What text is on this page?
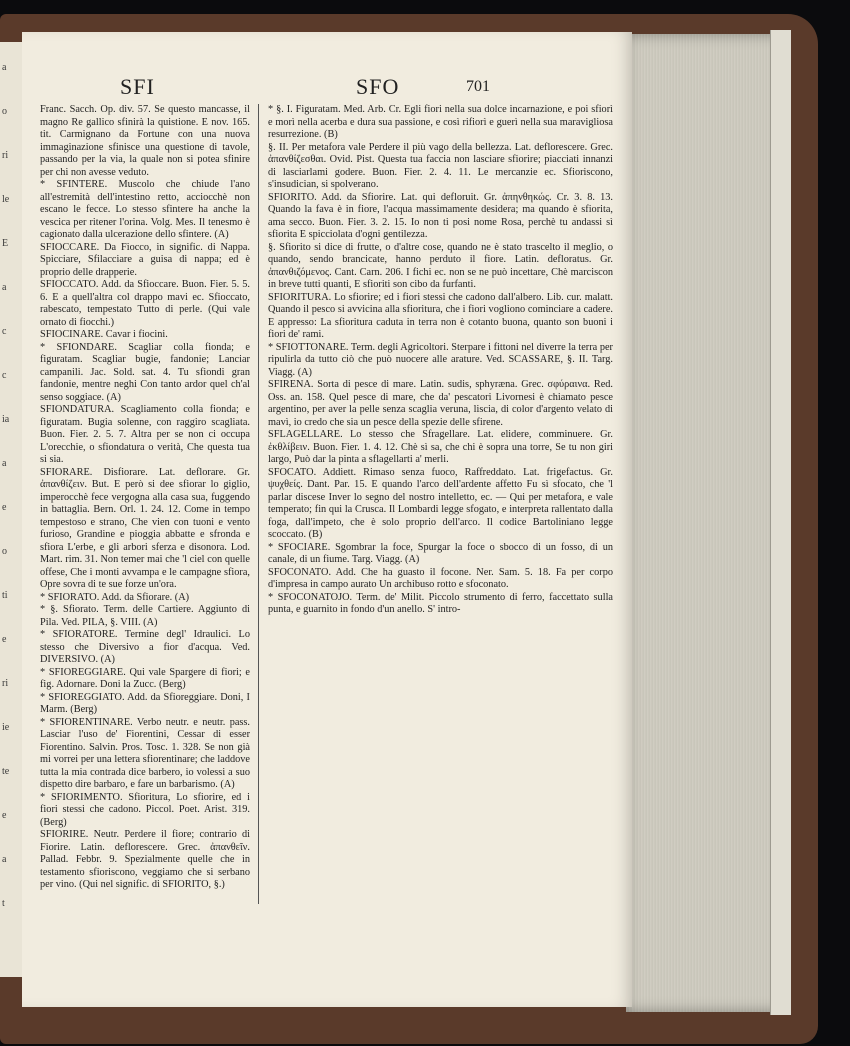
a
o
ri
le
E
a
c
c
ia
a
e
o
ti
e
ri
ie
te
e
a
t
SFI	SFO	701

Franc. Sacch. Op. div. 57. Se questo mancasse, il magno Re gallico sfinirà la quistione. E nov. 165. tit. Carmignano da Fortune con una nuova immaginazione sfinisce una questione di tavole, passando per la via, la quale non si potea sfinire per chi non avesse veduto.

* SFINTERE. Muscolo che chiude l'ano all'estremità dell'intestino retto, acciocchè non escano le fecce. Lo stesso sfintere ha anche la vescica per ritener l'orina. Volg. Mes. Il tenesmo è cagionato dalla ulcerazione dello sfintere. (A)

SFIOCCARE. Da Fiocco, in signific. di Nappa. Spicciare, Sfilacciare a guisa di nappa; ed è proprio delle drapperie.

SFIOCCATO. Add. da Sfioccare. Buon. Fier. 5. 5. 6. E a quell'altra col drappo mavi ec. Sfioccato, rabescato, tempestato Tutto di perle. (Qui vale ornato di fiocchi.)

SFIOCINARE. Cavar i fiocini.

* SFIONDARE. Scagliar colla fionda; e figuratam. Scagliar bugie, fandonie; Lanciar campanili. Jac. Sold. sat. 4. Tu sfiondi gran fandonie, mentre neghi Con tanto ardor quel ch'al senso soggiace. (A)

SFIONDATURA. Scagliamento colla fionda; e figuratam. Bugia solenne, con raggiro scagliata. Buon. Fier. 2. 5. 7. Altra per se non ci occupa L'orecchie, o sfiondatura o verità, Che questa tua si sia.

SFIORARE. Disfiorare. Lat. deflorare. Gr. ἀπανθίζειν. But. E però si dee sfiorar lo giglio, imperocchè fece vergogna alla casa sua, fuggendo in battaglia. Bern. Orl. 1. 24. 12. Come in tempo tempestoso e strano, Che vien con tuoni e vento furioso, Grandine e pioggia abbatte e sfronda e sfiora L'erbe, e gli arbori sferza e disonora. Lod. Mart. rim. 31. Non temer mai che 'l ciel con quelle offese, Che i monti avvampa e le campagne sfiora, Opre sovra di te sue forze un'ora.

* SFIORATO. Add. da Sfiorare. (A)

* §. Sfiorato. Term. delle Cartiere. Aggiunto di Pila. Ved. PILA, §. VIII. (A)

* SFIORATORE. Termine degl' Idraulici. Lo stesso che Diversivo a fior d'acqua. Ved. DIVERSIVO. (A)

* SFIOREGGIARE. Qui vale Spargere di fiori; e fig. Adornare. Doni la Zucc. (Berg)

* SFIOREGGIATO. Add. da Sfioreggiare. Doni, I Marm. (Berg)

* SFIORENTINARE. Verbo neutr. e neutr. pass. Lasciar l'uso de' Fiorentini, Cessar di esser Fiorentino. Salvin. Pros. Tosc. 1. 328. Se non già mi vorrei per una lettera sfiorentinare; che laddove tutta la mia contrada dice barbero, io volessi a suo dispetto dire barbaro, e fare un barbarismo. (A)

* SFIORIMENTO. Sfioritura, Lo sfiorire, ed i fiori stessi che cadono. Piccol. Poet. Arist. 319. (Berg)

SFIORIRE. Neutr. Perdere il fiore; contrario di Fiorire. Latin. deflorescere. Grec. ἀπανθεῖν. Pallad. Febbr. 9. Spezialmente quelle che in testamento sfioriscono, veggiamo che si serbano per vino. (Qui nel signific. di SFIORITO, §.)

* §. I. Figuratam. Med. Arb. Cr. Egli fiori nella sua dolce incarnazione, e poi sfiorì e morì nella acerba e dura sua passione, e così rifiorì e guerì nella sua maravigliosa resurrezione. (B)

§. II. Per metafora vale Perdere il più vago della bellezza. Lat. deflorescere. Grec. ἀπανθίζεσθαι. Ovid. Pist. Questa tua faccia non lasciare sfiorire; piacciati innanzi di lasciarlami godere. Buon. Fier. 2. 4. 11. Le mercanzie ec. Sfioriscono, s'insudician, si spolverano.

SFIORITO. Add. da Sfiorire. Lat. qui defloruit. Gr. ἀπηνθηκώς. Cr. 3. 8. 13. Quando la fava è in fiore, l'acqua massimamente desidera; ma quando è sfiorita, ama secco. Buon. Fier. 3. 2. 15. Io non ti posi nome Rosa, perchè tu andassi sì sfiorita E spicciolata d'ogni gentilezza.

§. Sfiorito si dice di frutte, o d'altre cose, quando ne è stato trascelto il meglio, o quando, sendo brancicate, hanno perduto il fiore. Latin. defloratus. Gr. ἀπανθιζόμενος. Cant. Carn. 206. I fichi ec. non se ne può incettare, Chè marciscon in breve tutti quanti, E sfioriti son cibo da furfanti.

SFIORITURA. Lo sfiorire; ed i fiori stessi che cadono dall'albero. Lib. cur. malatt. Quando il pesco si avvicina alla sfioritura, che i fiori vogliono cominciare a cadere. E appresso: La sfioritura caduta in terra non è cotanto buona, quanto son buoni i fiori de' rami.

* SFIOTTONARE. Term. degli Agricoltori. Sterpare i fittoni nel diverre la terra per ripulirla da tutto ciò che può nuocere alle arature. Ved. SCASSARE, §. II. Targ. Viagg. (A)

SFIRENA. Sorta di pesce di mare. Latin. sudis, sphyræna. Grec. σφύραινα. Red. Oss. an. 158. Quel pesce di mare, che da' pescatori Livornesi è chiamato pesce argentino, per aver la pelle senza scaglia veruna, liscia, di color d'argento velato di mavì, io credo che sia un pesce della spezie delle sfirene.

SFLAGELLARE. Lo stesso che Sfragellare. Lat. elidere, comminuere. Gr. ἐκθλίβειν. Buon. Fier. 1. 4. 12. Chè sì sa, che chi è sopra una torre, Se tu non giri largo, Può dar la pinta a sflagellarti a' merli.

SFOCATO. Addiett. Rimaso senza fuoco, Raffreddato. Lat. frigefactus. Gr. ψυχθείς. Dant. Par. 15. E quando l'arco dell'ardente affetto Fu sì sfocato, che 'l parlar discese Inver lo segno del nostro intelletto, ec. — Qui per metafora, e vale temperato; fin qui la Crusca. Il Lombardi legge sfogato, e interpreta rallentato dalla foga, dall'impeto, che è solo proprio dell'arco. Il codice Bartoliniano legge scoccato. (B)

* SFOCIARE. Sgombrar la foce, Spurgar la foce o sbocco di un fosso, di un canale, di un fiume. Targ. Viagg. (A)

SFOCONATO. Add. Che ha guasto il focone. Ner. Sam. 5. 18. Fa per corpo d'impresa in campo aurato Un archibuso rotto e sfoconato.

* SFOCONATOJO. Term. de' Milit. Piccolo strumento di ferro, faccettato sulla punta, e guarnito in fondo d'un anello. S' intro-
